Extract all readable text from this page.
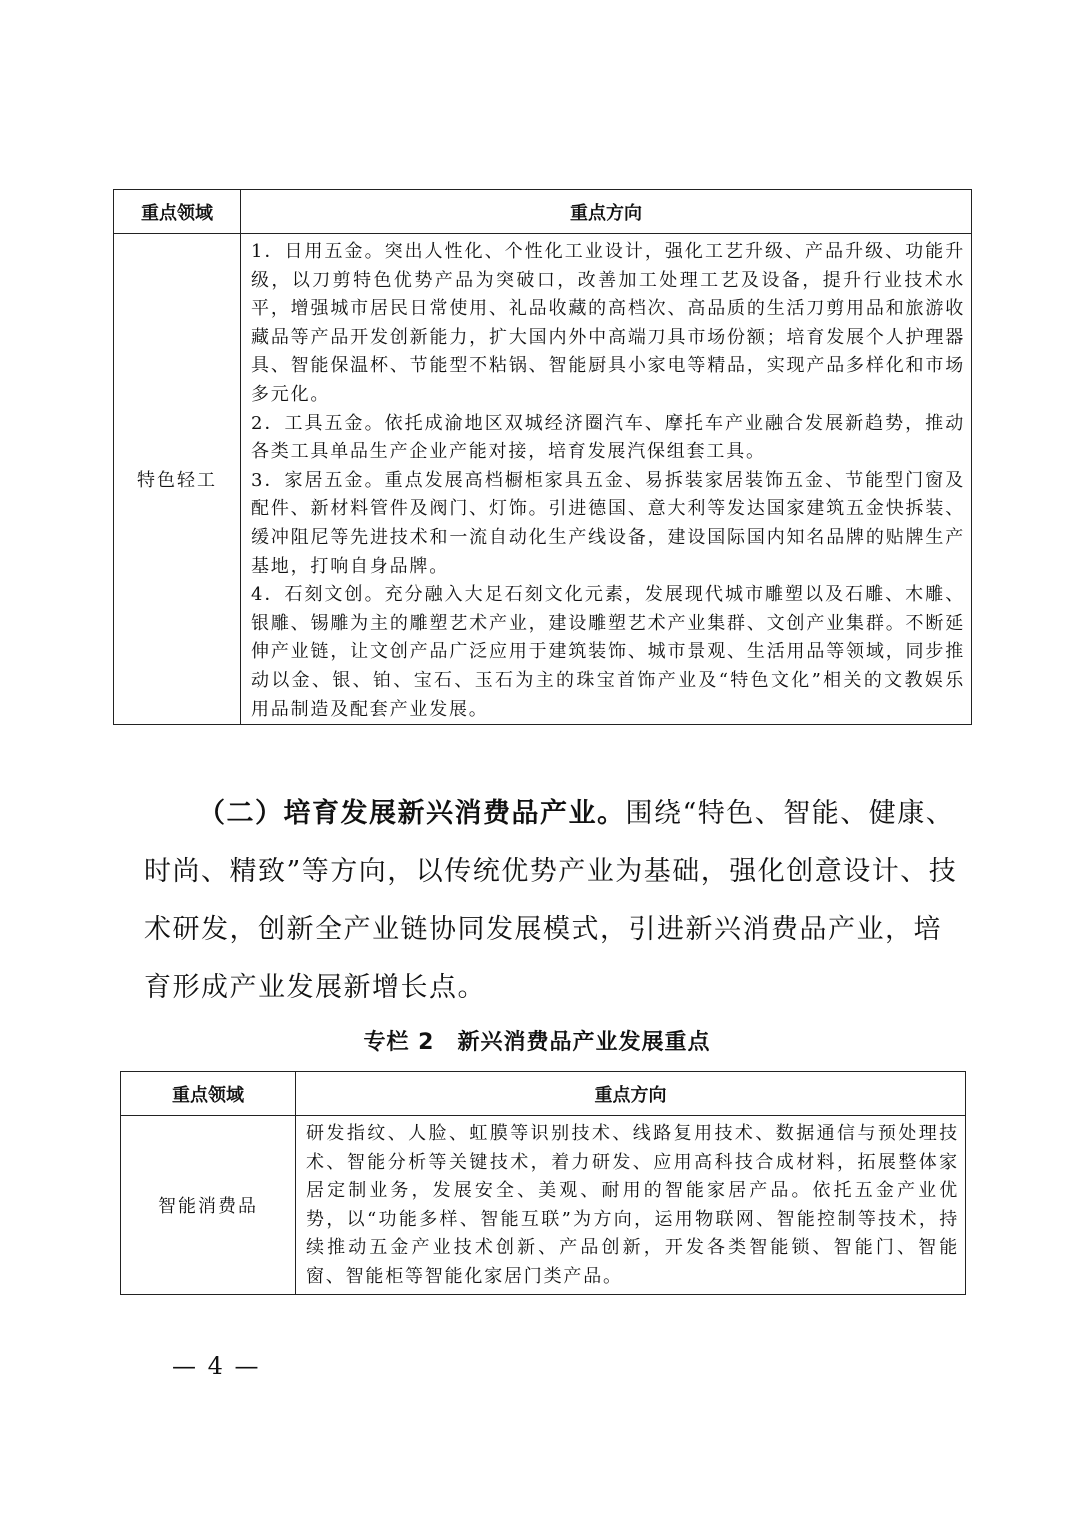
重点领域	重点方向
特色轻工	1．日用五金。突出人性化、个性化工业设计，强化工艺升级、产品升级、功能升级，以刀剪特色优势产品为突破口，改善加工处理工艺及设备，提升行业技术水平，增强城市居民日常使用、礼品收藏的高档次、高品质的生活刀剪用品和旅游收藏品等产品开发创新能力，扩大国内外中高端刀具市场份额；培育发展个人护理器具、智能保温杯、节能型不粘锅、智能厨具小家电等精品，实现产品多样化和市场多元化。

2．工具五金。依托成渝地区双城经济圈汽车、摩托车产业融合发展新趋势，推动各类工具单品生产企业产能对接，培育发展汽保组套工具。

3．家居五金。重点发展高档橱柜家具五金、易拆装家居装饰五金、节能型门窗及配件、新材料管件及阀门、灯饰。引进德国、意大利等发达国家建筑五金快拆装、缓冲阻尼等先进技术和一流自动化生产线设备，建设国际国内知名品牌的贴牌生产基地，打响自身品牌。

4．石刻文创。充分融入大足石刻文化元素，发展现代城市雕塑以及石雕、木雕、银雕、锡雕为主的雕塑艺术产业，建设雕塑艺术产业集群、文创产业集群。不断延伸产业链，让文创产品广泛应用于建筑装饰、城市景观、生活用品等领域，同步推动以金、银、铂、宝石、玉石为主的珠宝首饰产业及“特色文化”相关的文教娱乐用品制造及配套产业发展。

（二）培育发展新兴消费品产业。围绕“特色、智能、健康、时尚、精致”等方向，以传统优势产业为基础，强化创意设计、技术研发，创新全产业链协同发展模式，引进新兴消费品产业，培育形成产业发展新增长点。

专栏 2　新兴消费品产业发展重点
重点领域	重点方向
智能消费品	研发指纹、人脸、虹膜等识别技术、线路复用技术、数据通信与预处理技术、智能分析等关键技术，着力研发、应用高科技合成材料，拓展整体家居定制业务，发展安全、美观、耐用的智能家居产品。依托五金产业优势，以“功能多样、智能互联”为方向，运用物联网、智能控制等技术，持续推动五金产业技术创新、产品创新，开发各类智能锁、智能门、智能窗、智能柜等智能化家居门类产品。
— 4 —
